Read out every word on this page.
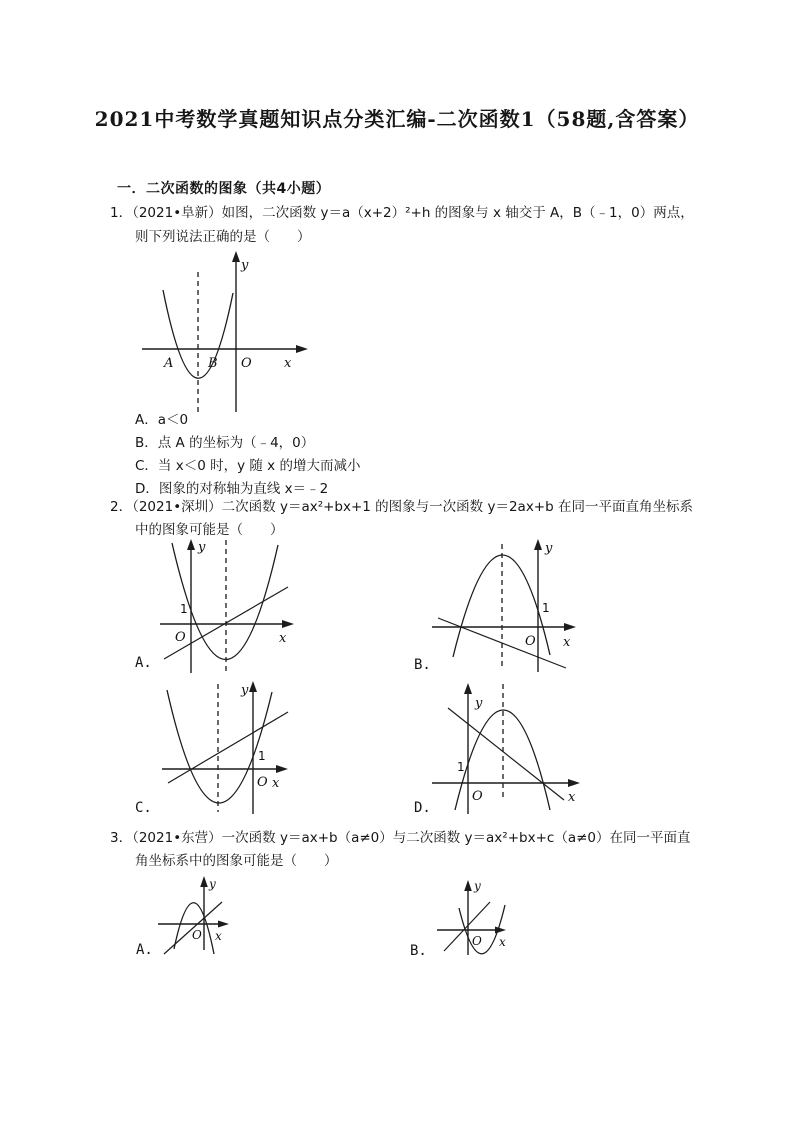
2021中考数学真题知识点分类汇编-二次函数1（58题,含答案）
一．二次函数的图象（共4小题）
1．（2021•阜新）如图，二次函数 y＝a（x+2）²+h 的图象与 x 轴交于 A，B（﹣1，0）两点，
则下列说法正确的是（　　）
A	B O x
y
A．a＜0
B．点 A 的坐标为（﹣4，0）
C．当 x＜0 时，y 随 x 的增大而减小
D．图象的对称轴为直线 x＝﹣2
2．（2021•深圳）二次函数 y＝ax²+bx+1 的图象与一次函数 y＝2ax+b 在同一平面直角坐标系
中的图象可能是（　　）
1
O	x
y
A.
1
O x
y
B.
1
O x
y
C.
1
O	x
y
D.
3．（2021•东营）一次函数 y＝ax+b（a≠0）与二次函数 y＝ax²+bx+c（a≠0）在同一平面直
角坐标系中的图象可能是（　　）
O x
y
A.
O x
y
B.
